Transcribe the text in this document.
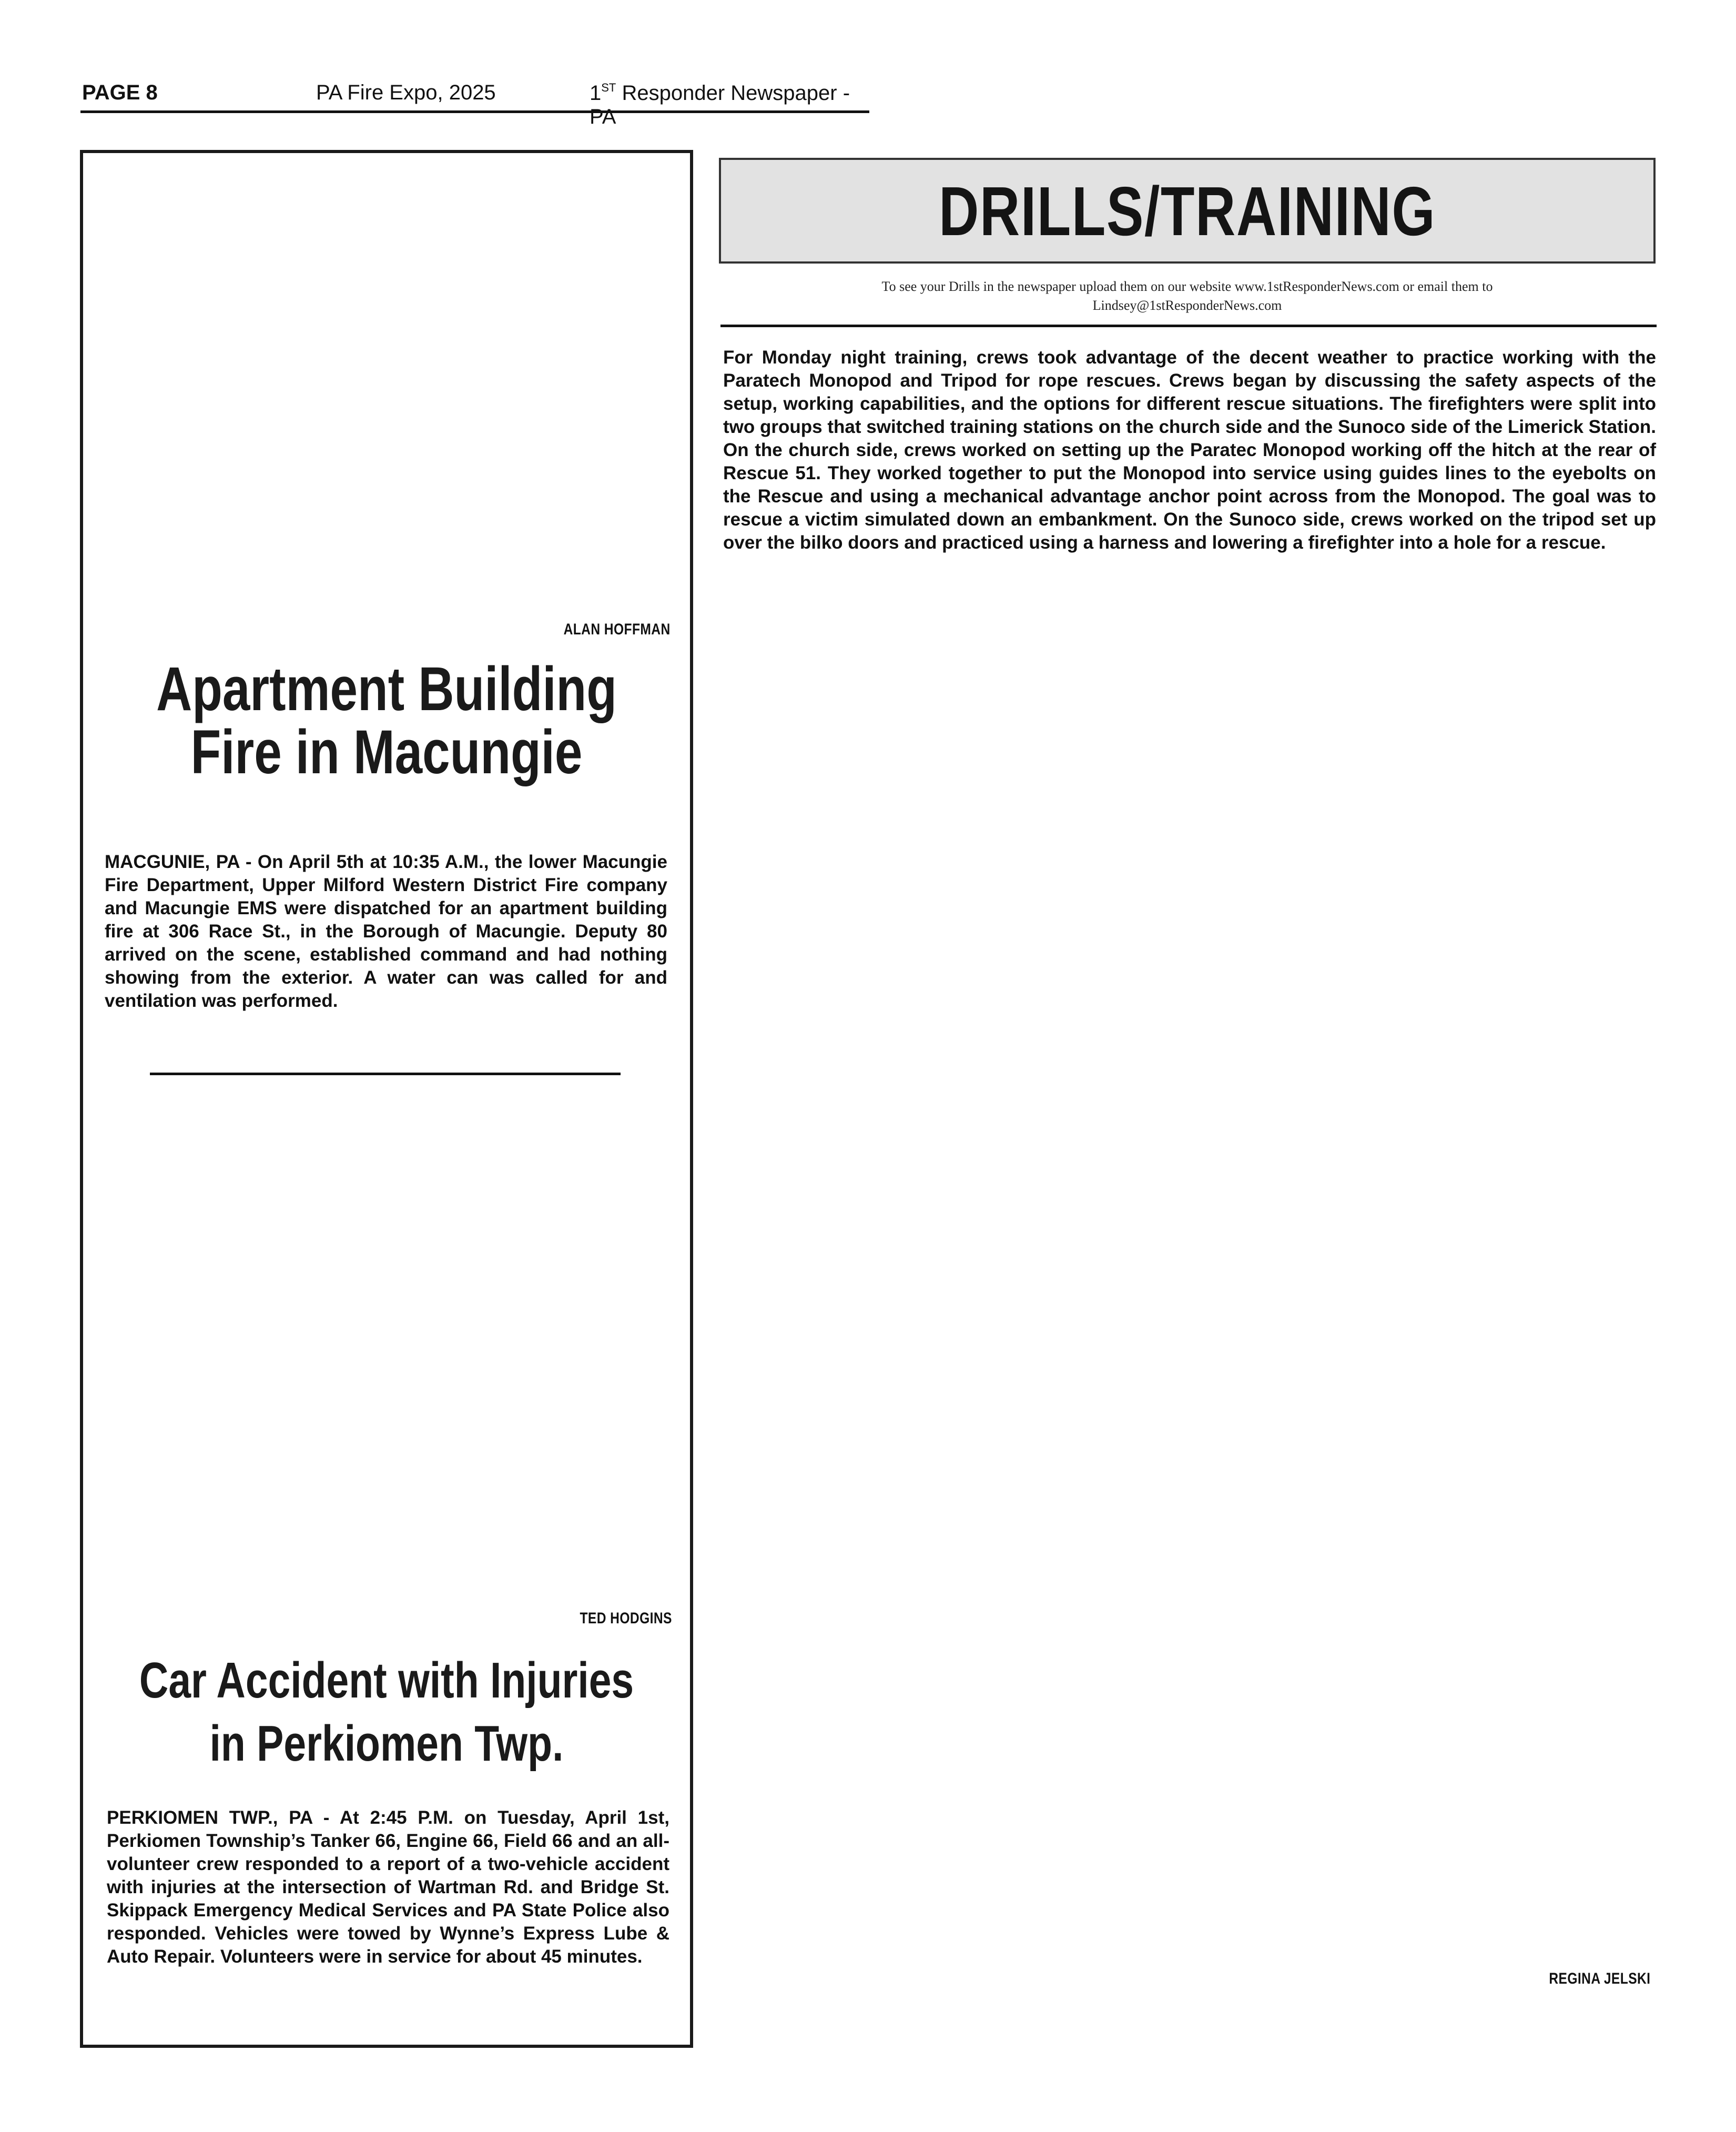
PAGE 8	PA Fire Expo, 2025	1ST Responder Newspaper - PA
ALAN HOFFMAN
Apartment Building
Fire in Macungie
MACGUNIE, PA - On April 5th at 10:35 A.M., the lower Macungie Fire Department, Upper Milford Western District Fire company and Macungie EMS were dispatched for an apartment building fire at 306 Race St., in the Borough of Macungie. Deputy 80 arrived on the scene, established command and had nothing showing from the exterior. A water can was called for and ventilation was performed.
TED HODGINS
Car Accident with Injuries
in Perkiomen Twp.
PERKIOMEN TWP., PA - At 2:45 P.M. on Tuesday, April 1st, Perkiomen Township’s Tanker 66, Engine 66, Field 66 and an all-volunteer crew responded to a report of a two-vehicle accident with injuries at the intersection of Wartman Rd. and Bridge St. Skippack Emergency Medical Services and PA State Police also responded. Vehicles were towed by Wynne’s Express Lube & Auto Repair. Volunteers were in service for about 45 minutes.
DRILLS/TRAINING
To see your Drills in the newspaper upload them on our website www.1stResponderNews.com or email them to
Lindsey@1stResponderNews.com
For Monday night training, crews took advantage of the decent weather to practice working with the Paratech Monopod and Tripod for rope rescues. Crews began by discussing the safety aspects of the setup, working capabilities, and the options for different rescue situations. The firefighters were split into two groups that switched training stations on the church side and the Sunoco side of the Limerick Station. On the church side, crews worked on setting up the Paratec Monopod working off the hitch at the rear of Rescue 51. They worked together to put the Monopod into service using guides lines to the eyebolts on the Rescue and using a mechanical advantage anchor point across from the Monopod. The goal was to rescue a victim simulated down an embankment. On the Sunoco side, crews worked on the tripod set up over the bilko doors and practiced using a harness and lowering a firefighter into a hole for a rescue.
REGINA JELSKI
